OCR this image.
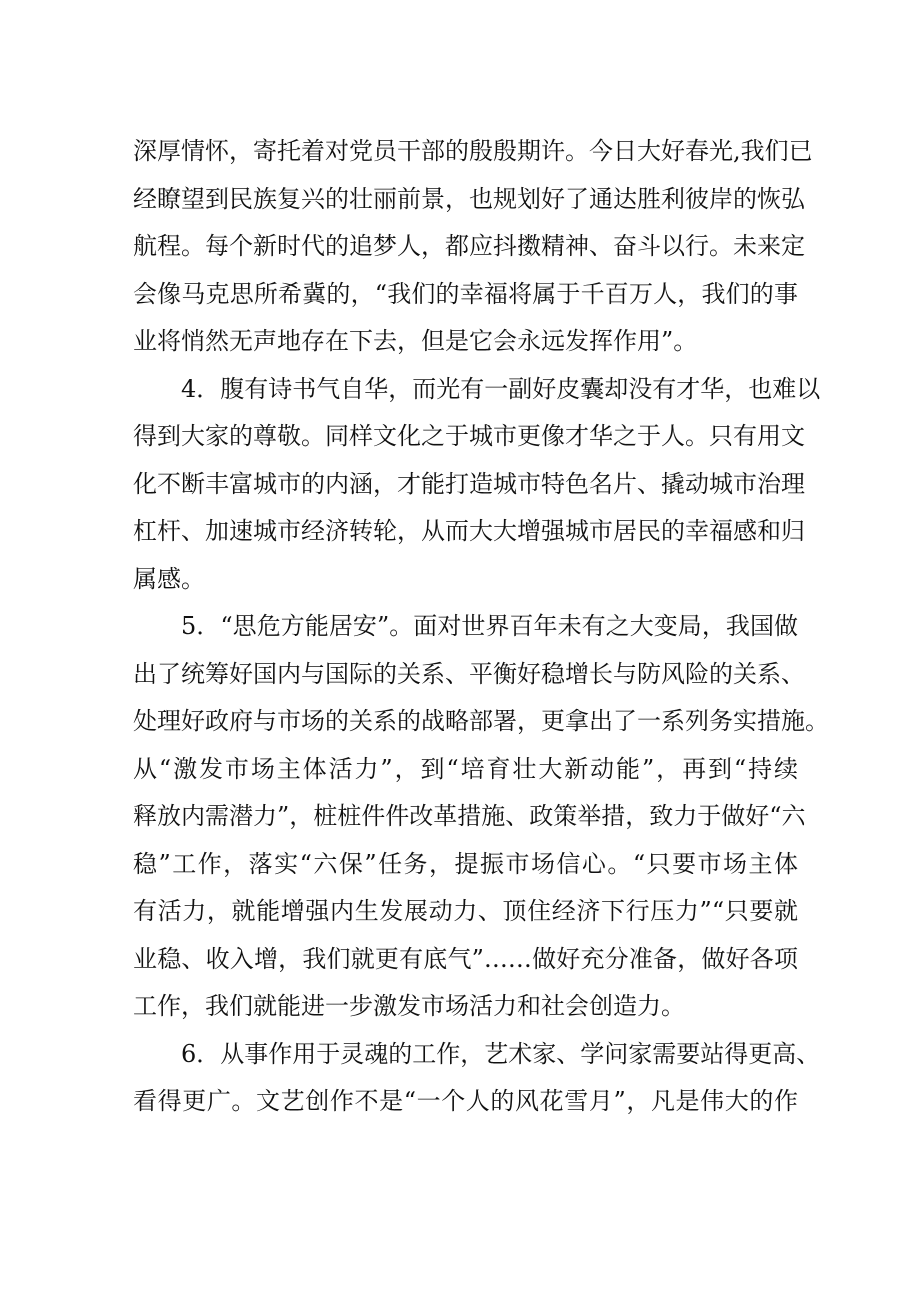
深厚情怀，寄托着对党员干部的殷殷期许。今日大好春光,我们已
经瞭望到民族复兴的壮丽前景，也规划好了通达胜利彼岸的恢弘
航程。每个新时代的追梦人，都应抖擞精神、奋斗以行。未来定
会像马克思所希冀的，“我们的幸福将属于千百万人，我们的事
业将悄然无声地存在下去，但是它会永远发挥作用”。
4．腹有诗书气自华，而光有一副好皮囊却没有才华，也难以
得到大家的尊敬。同样文化之于城市更像才华之于人。只有用文
化不断丰富城市的内涵，才能打造城市特色名片、撬动城市治理
杠杆、加速城市经济转轮，从而大大增强城市居民的幸福感和归
属感。
5．“思危方能居安”。面对世界百年未有之大变局，我国做
出了统筹好国内与国际的关系、平衡好稳增长与防风险的关系、
处理好政府与市场的关系的战略部署，更拿出了一系列务实措施。
从“激发市场主体活力”，到“培育壮大新动能”，再到“持续
释放内需潜力”，桩桩件件改革措施、政策举措，致力于做好“六
稳”工作，落实“六保”任务，提振市场信心。“只要市场主体
有活力，就能增强内生发展动力、顶住经济下行压力”“只要就
业稳、收入增，我们就更有底气”……做好充分准备，做好各项
工作，我们就能进一步激发市场活力和社会创造力。
6．从事作用于灵魂的工作，艺术家、学问家需要站得更高、
看得更广。文艺创作不是“一个人的风花雪月”，凡是伟大的作
